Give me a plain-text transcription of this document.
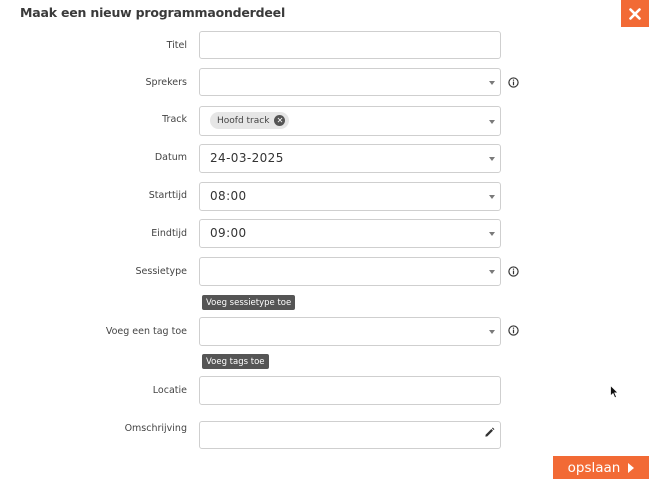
Maak een nieuw programmaonderdeel
Titel
Sprekers
Track	Hoofd track ✕
Datum 24-03-2025
Starttijd 08:00
Eindtijd 09:00
Sessietype
Voeg sessietype toe
Voeg een tag toe
Voeg tags toe
Locatie
Omschrijving
opslaan
